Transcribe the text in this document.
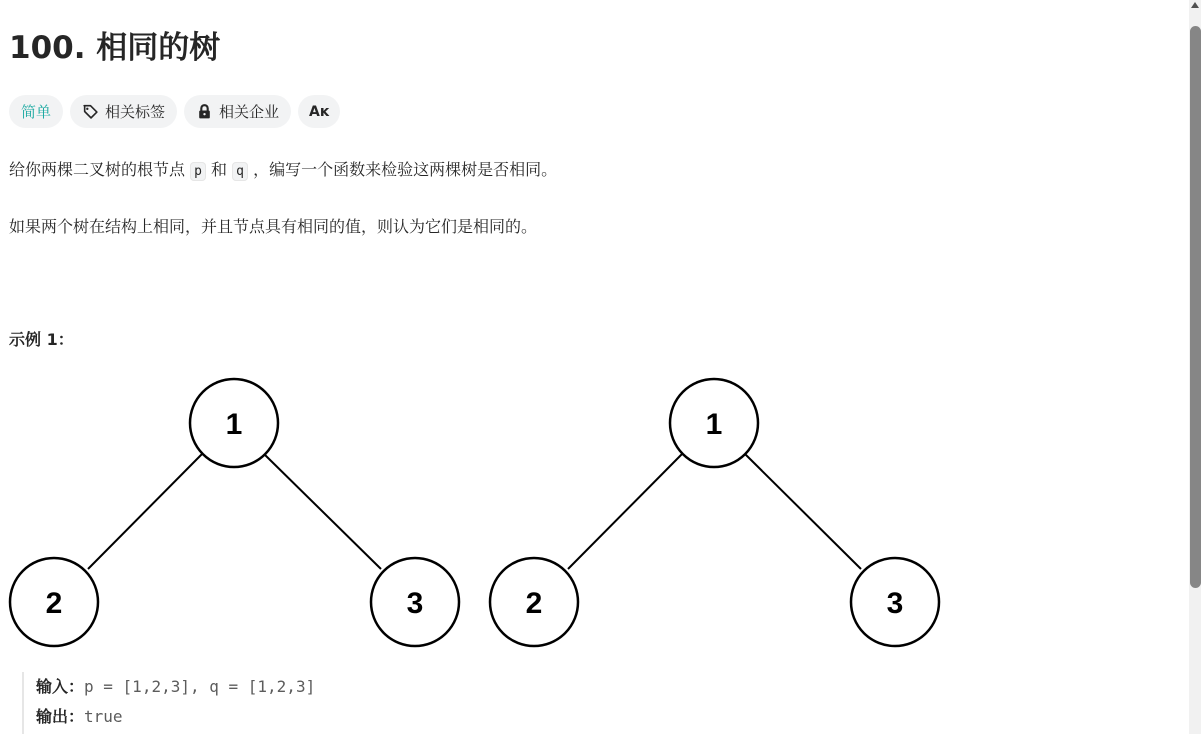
100. 相同的树
简单	相关标签	相关企业 Aᴋ

给你两棵二叉树的根节点 p 和 q ，编写一个函数来检验这两棵树是否相同。

如果两个树在结构上相同，并且节点具有相同的值，则认为它们是相同的。

示例 1：

1
2	3
1
2	3
输入：p = [1,2,3], q = [1,2,3]
输出：true
